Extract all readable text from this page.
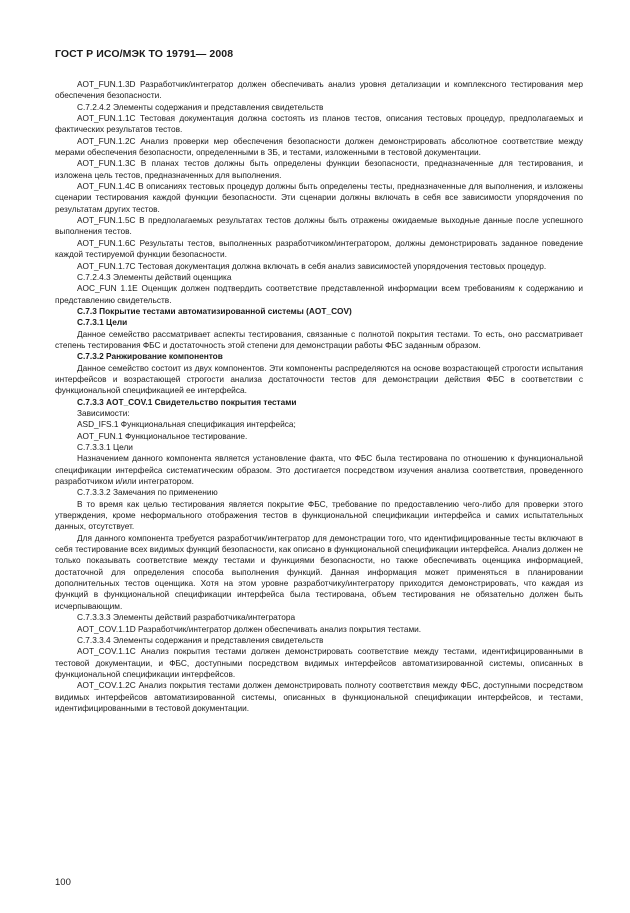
ГОСТ Р ИСО/МЭК ТО 19791— 2008

AOT_FUN.1.3D Разработчик/интегратор должен обеспечивать анализ уровня детализации и комплексного тестирования мер обеспечения безопасности.

С.7.2.4.2 Элементы содержания и представления свидетельств

AOT_FUN.1.1C Тестовая документация должна состоять из планов тестов, описания тестовых процедур, предполагаемых и фактических результатов тестов.

AOT_FUN.1.2C Анализ проверки мер обеспечения безопасности должен демонстрировать абсолютное соответствие между мерами обеспечения безопасности, определенными в ЗБ, и тестами, изложенными в тестовой документации.

AOT_FUN.1.3C В планах тестов должны быть определены функции безопасности, предназначенные для тестирования, и изложена цель тестов, предназначенных для выполнения.

AOT_FUN.1.4C В описаниях тестовых процедур должны быть определены тесты, предназначенные для выполнения, и изложены сценарии тестирования каждой функции безопасности. Эти сценарии должны включать в себя все зависимости упорядочения по результатам других тестов.

AOT_FUN.1.5C В предполагаемых результатах тестов должны быть отражены ожидаемые выходные данные после успешного выполнения тестов.

AOT_FUN.1.6C Результаты тестов, выполненных разработчиком/интегратором, должны демонстрировать заданное поведение каждой тестируемой функции безопасности.

AOT_FUN.1.7C Тестовая документация должна включать в себя анализ зависимостей упорядочения тестовых процедур.

С.7.2.4.3 Элементы действий оценщика

AOC_FUN 1.1E Оценщик должен подтвердить соответствие представленной информации всем требованиям к содержанию и представлению свидетельств.

С.7.3 Покрытие тестами автоматизированной системы (AOT_COV)

С.7.3.1 Цели

Данное семейство рассматривает аспекты тестирования, связанные с полнотой покрытия тестами. То есть, оно рассматривает степень тестирования ФБС и достаточность этой степени для демонстрации работы ФБС заданным образом.

С.7.3.2 Ранжирование компонентов

Данное семейство состоит из двух компонентов. Эти компоненты распределяются на основе возрастающей строгости испытания интерфейсов и возрастающей строгости анализа достаточности тестов для демонстрации действия ФБС в соответствии с функциональной спецификацией ее интерфейса.

С.7.3.3 AOT_COV.1 Свидетельство покрытия тестами

Зависимости:

ASD_IFS.1 Функциональная спецификация интерфейса;

AOT_FUN.1 Функциональное тестирование.

С.7.3.3.1 Цели

Назначением данного компонента является установление факта, что ФБС была тестирована по отношению к функциональной спецификации интерфейса систематическим образом. Это достигается посредством изучения анализа соответствия, проведенного разработчиком и/или интегратором.

С.7.3.3.2 Замечания по применению

В то время как целью тестирования является покрытие ФБС, требование по предоставлению чего-либо для проверки этого утверждения, кроме неформального отображения тестов в функциональной спецификации интерфейса и самих испытательных данных, отсутствует.

Для данного компонента требуется разработчик/интегратор для демонстрации того, что идентифицированные тесты включают в себя тестирование всех видимых функций безопасности, как описано в функциональной спецификации интерфейса. Анализ должен не только показывать соответствие между тестами и функциями безопасности, но также обеспечивать оценщика информацией, достаточной для определения способа выполнения функций. Данная информация может применяться в планировании дополнительных тестов оценщика. Хотя на этом уровне разработчику/интегратору приходится демонстрировать, что каждая из функций в функциональной спецификации интерфейса была тестирована, объем тестирования не обязательно должен быть исчерпывающим.

С.7.3.3.3 Элементы действий разработчика/интегратора

AOT_COV.1.1D Разработчик/интегратор должен обеспечивать анализ покрытия тестами.

С.7.3.3.4 Элементы содержания и представления свидетельств

AOT_COV.1.1C Анализ покрытия тестами должен демонстрировать соответствие между тестами, идентифицированными в тестовой документации, и ФБС, доступными посредством видимых интерфейсов автоматизированной системы, описанных в функциональной спецификации интерфейсов.

AOT_COV.1.2C Анализ покрытия тестами должен демонстрировать полноту соответствия между ФБС, доступными посредством видимых интерфейсов автоматизированной системы, описанных в функциональной спецификации интерфейсов, и тестами, идентифицированными в тестовой документации.

100
